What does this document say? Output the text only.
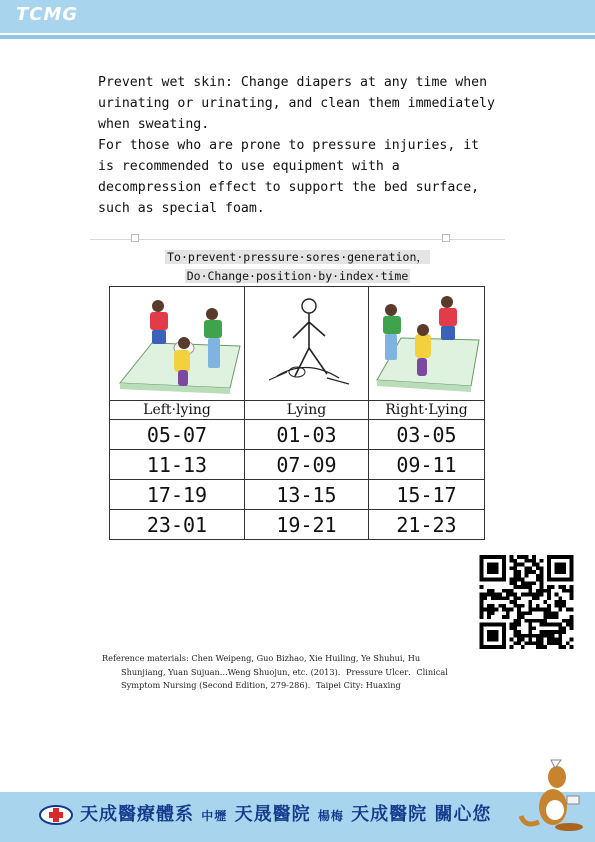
TCMG

Prevent wet skin: Change diapers at any time when

urinating or urinating, and clean them immediately

when sweating.

For those who are prone to pressure injuries, it

is recommended to use equipment with a

decompression effect to support the bed surface,

such as special foam.

To·prevent·pressure·sores·generation，
Do·Change·position·by·index·time

Left·lying	Lying	Right·Lying
05-07	01-03	03-05
11-13	07-09	09-11
17-19	13-15	15-17
23-01	19-21	21-23
Reference materials: Chen Weipeng, Guo Bizhao, Xie Huiling, Ye Shuhui, Hu
Shunjiang, Yuan Sujuan...Weng Shuojun, etc. (2013)．Pressure Ulcer．Clinical
Symptom Nursing (Second Edition, 279-286)．Taipei City: Huaxing
天成醫療體系 中壢 天晟醫院 楊梅 天成醫院 關心您
